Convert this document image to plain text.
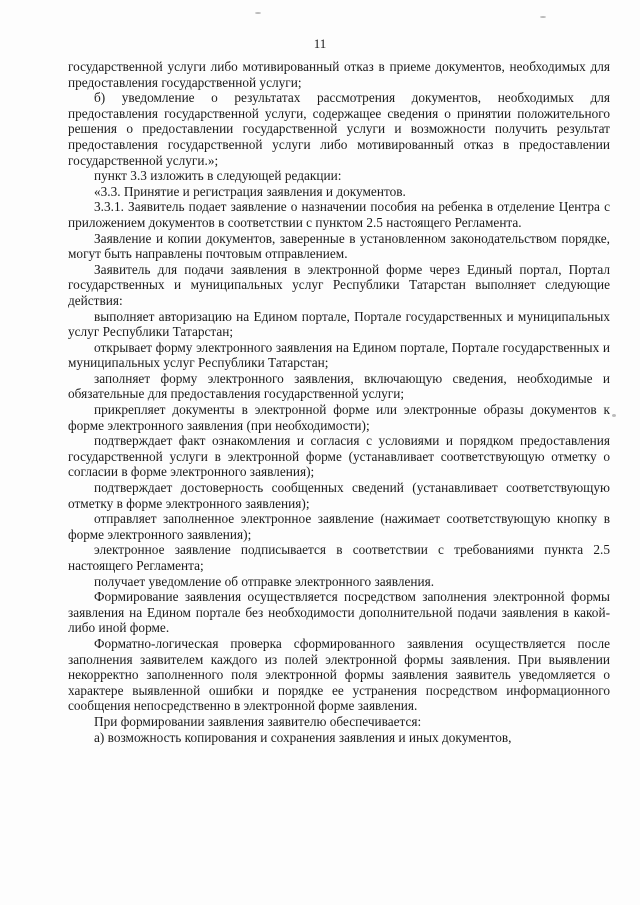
11

государственной услуги либо мотивированный отказ в приеме документов, необходимых для предоставления государственной услуги;

б) уведомление о результатах рассмотрения документов, необходимых для предоставления государственной услуги, содержащее сведения о принятии положительного решения о предоставлении государственной услуги и возможности получить результат предоставления государственной услуги либо мотивированный отказ в предоставлении государственной услуги.»;

пункт 3.3 изложить в следующей редакции:

«3.3. Принятие и регистрация заявления и документов.

3.3.1. Заявитель подает заявление о назначении пособия на ребенка в отделение Центра с приложением документов в соответствии с пунктом 2.5 настоящего Регламента.

Заявление и копии документов, заверенные в установленном законодательством порядке, могут быть направлены почтовым отправлением.

Заявитель для подачи заявления в электронной форме через Единый портал, Портал государственных и муниципальных услуг Республики Татарстан выполняет следующие действия:

выполняет авторизацию на Едином портале, Портале государственных и муниципальных услуг Республики Татарстан;

открывает форму электронного заявления на Едином портале, Портале государственных и муниципальных услуг Республики Татарстан;

заполняет форму электронного заявления, включающую сведения, необходимые и обязательные для предоставления государственной услуги;

прикрепляет документы в электронной форме или электронные образы документов к форме электронного заявления (при необходимости);

подтверждает факт ознакомления и согласия с условиями и порядком предоставления государственной услуги в электронной форме (устанавливает соответствующую отметку о согласии в форме электронного заявления);

подтверждает достоверность сообщенных сведений (устанавливает соответствующую отметку в форме электронного заявления);

отправляет заполненное электронное заявление (нажимает соответствующую кнопку в форме электронного заявления);

электронное заявление подписывается в соответствии с требованиями пункта 2.5 настоящего Регламента;

получает уведомление об отправке электронного заявления.

Формирование заявления осуществляется посредством заполнения электронной формы заявления на Едином портале без необходимости дополнительной подачи заявления в какой-либо иной форме.

Форматно-логическая проверка сформированного заявления осуществляется после заполнения заявителем каждого из полей электронной формы заявления. При выявлении некорректно заполненного поля электронной формы заявления заявитель уведомляется о характере выявленной ошибки и порядке ее устранения посредством информационного сообщения непосредственно в электронной форме заявления.

При формировании заявления заявителю обеспечивается:

а) возможность копирования и сохранения заявления и иных документов,
